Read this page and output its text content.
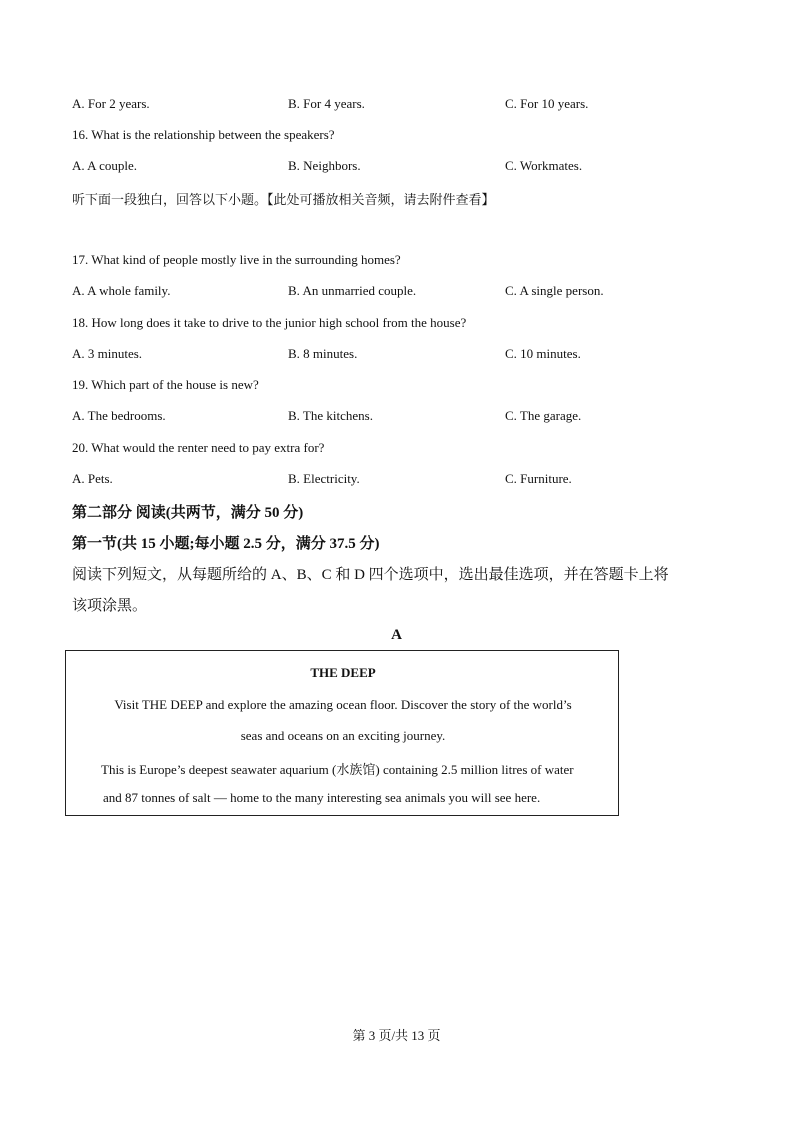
A. For 2 years.	B. For 4 years.	C. For 10 years.
16. What is the relationship between the speakers?
A. A couple.	B. Neighbors.	C. Workmates.
听下面一段独白，回答以下小题。【此处可播放相关音频，请去附件查看】
17. What kind of people mostly live in the surrounding homes?
A. A whole family.	B. An unmarried couple.	C. A single person.
18. How long does it take to drive to the junior high school from the house?
A. 3 minutes.	B. 8 minutes.	C. 10 minutes.
19. Which part of the house is new?
A. The bedrooms.	B. The kitchens.	C. The garage.
20. What would the renter need to pay extra for?
A. Pets.	B. Electricity.	C. Furniture.
第二部分 阅读(共两节，满分 50 分)
第一节(共 15 小题;每小题 2.5 分，满分 37.5 分)
阅读下列短文，从每题所给的 A、B、C 和 D 四个选项中，选出最佳选项，并在答题卡上将
该项涂黑。
A
THE DEEP
Visit THE DEEP and explore the amazing ocean floor. Discover the story of the world’s
seas and oceans on an exciting journey.
This is Europe’s deepest seawater aquarium (水族馆) containing 2.5 million litres of water
and 87 tonnes of salt — home to the many interesting sea animals you will see here.
第 3 页/共 13 页
